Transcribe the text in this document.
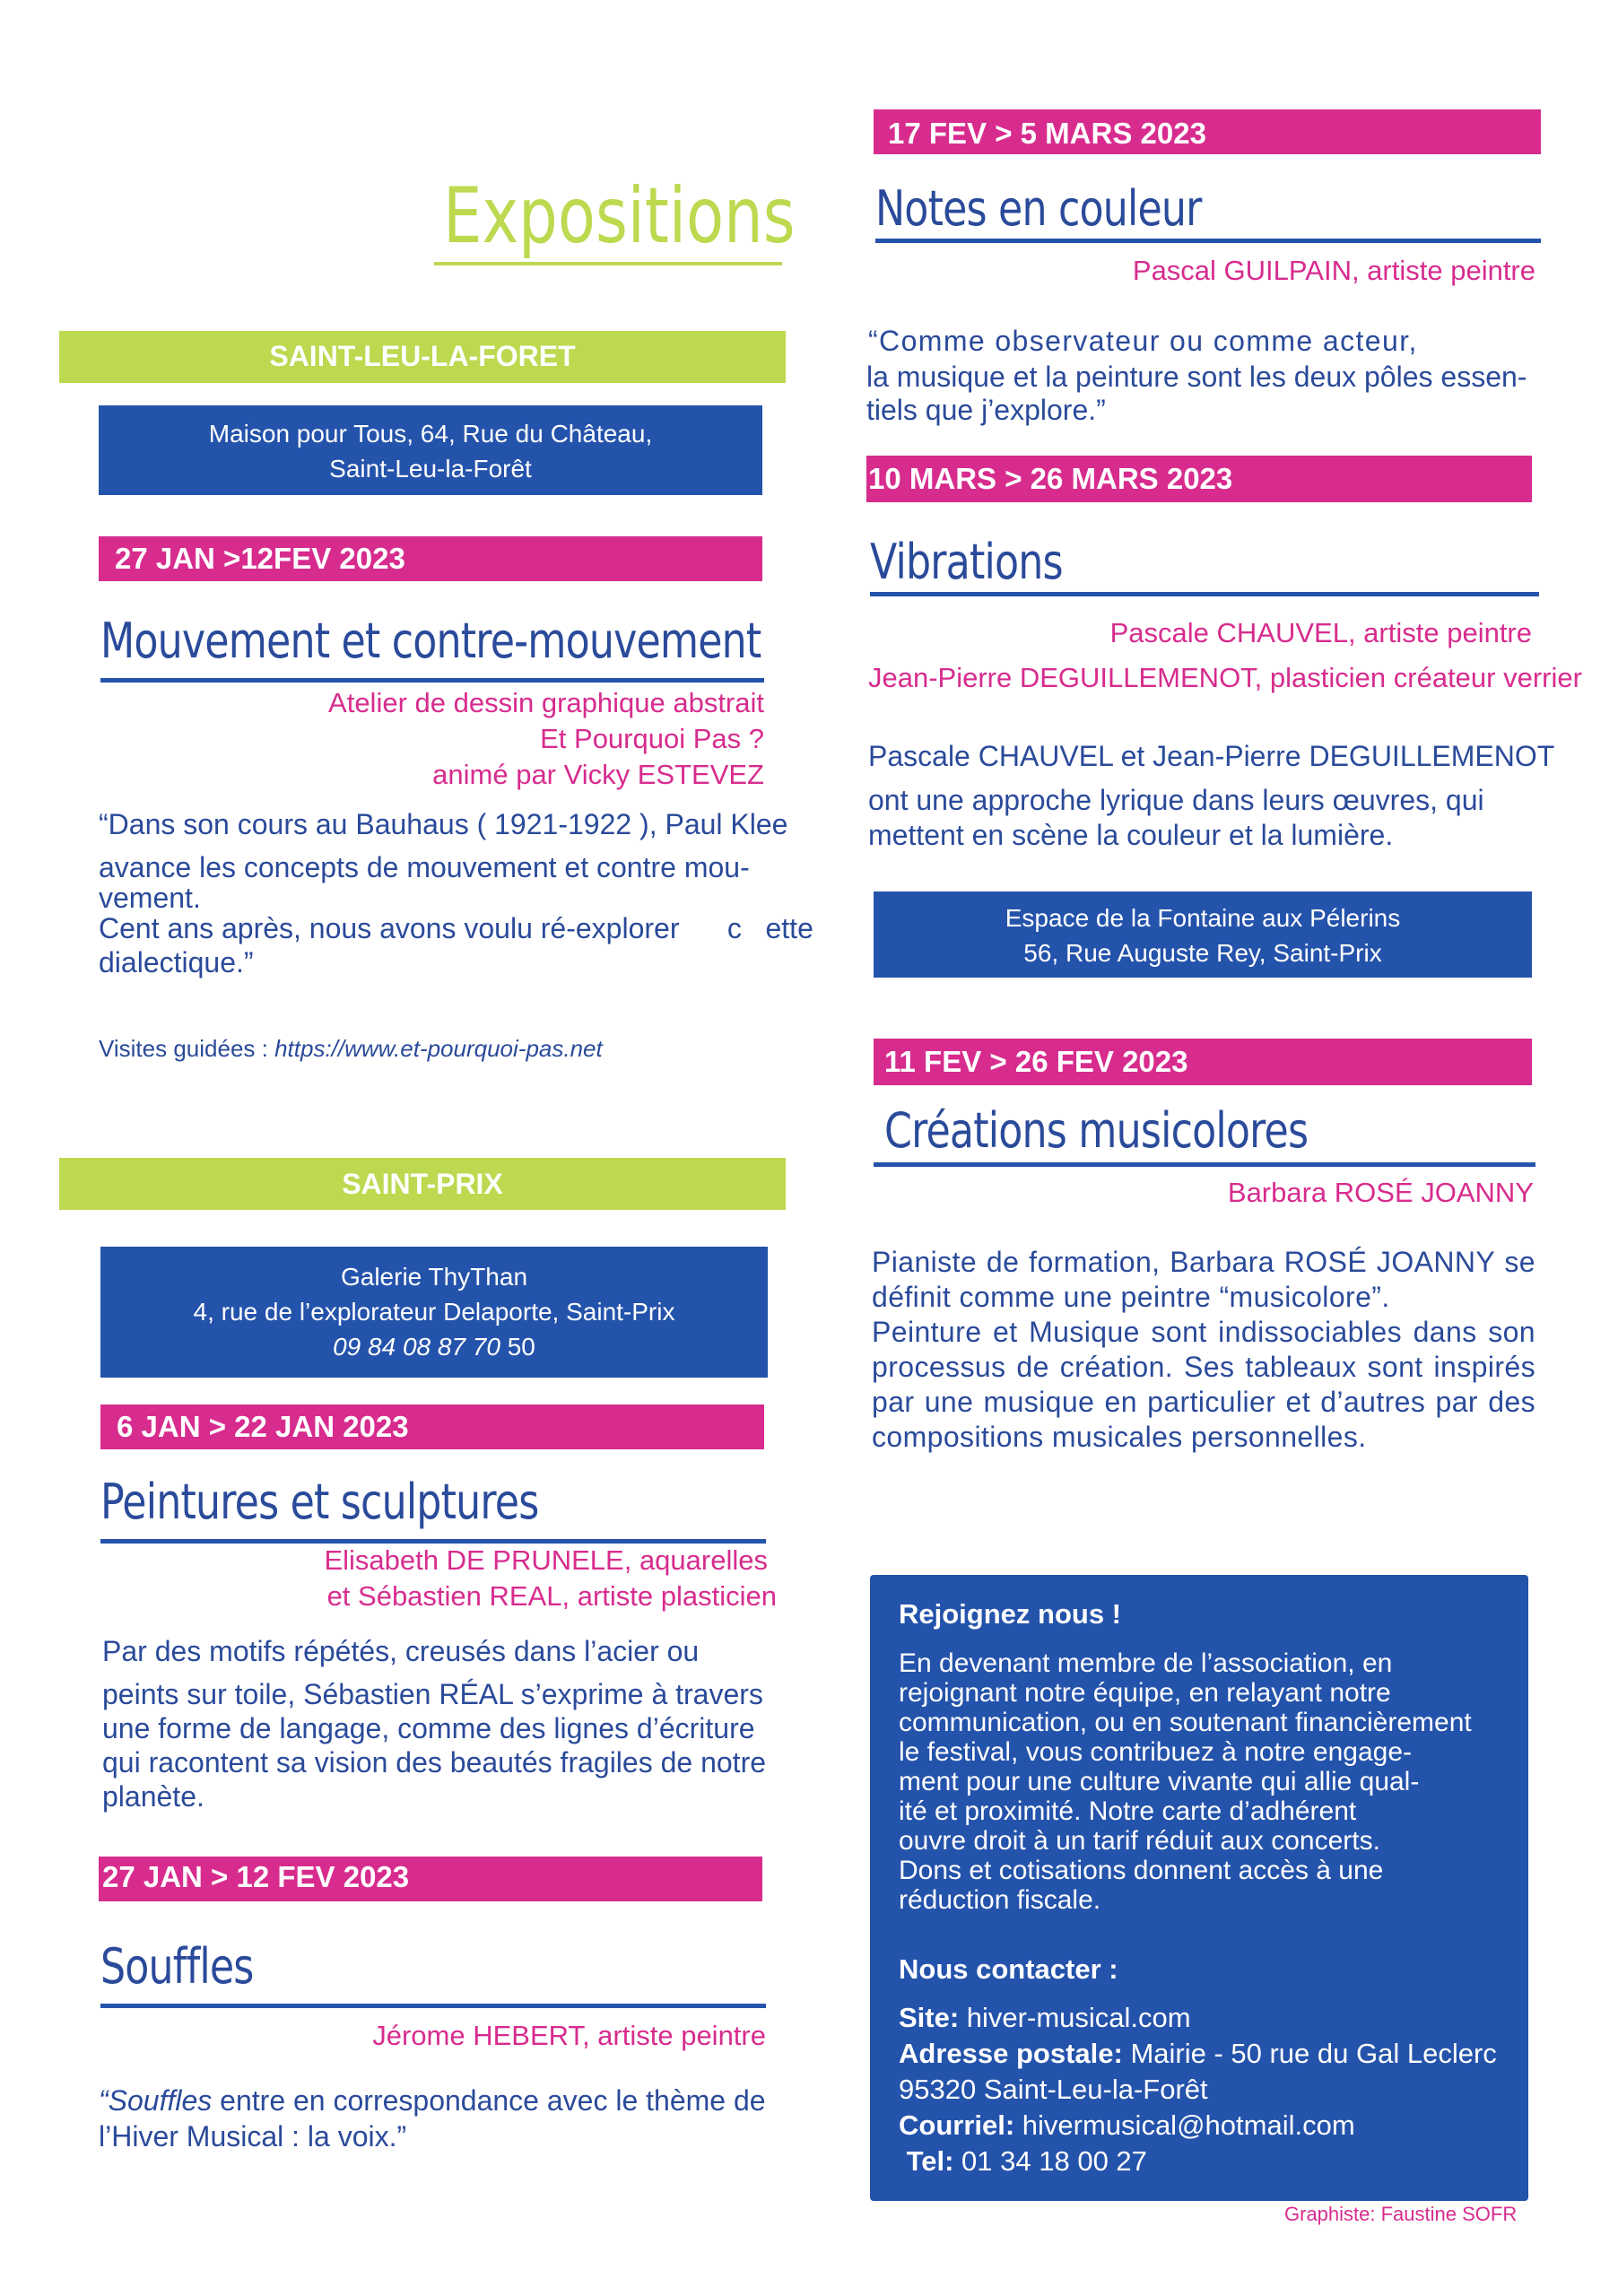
Expositions
SAINT-LEU-LA-FORET
Maison pour Tous, 64, Rue du Château,
Saint-Leu-la-Forêt
27 JAN >12FEV 2023
Mouvement et contre-mouvement
Atelier de dessin graphique abstrait
Et Pourquoi Pas ?
animé par Vicky ESTEVEZ
“Dans son cours au Bauhaus ( 1921-1922 ), Paul Klee
avance les concepts de mouvement et contre mou-
vement.
Cent ans après, nous avons voulu ré-explorer      c   ette
dialectique.”
Visites guidées : https://www.et-pourquoi-pas.net
SAINT-PRIX
Galerie ThyThan
4, rue de l’explorateur Delaporte, Saint-Prix
09 84 08 87 70 50
6 JAN > 22 JAN 2023
Peintures et sculptures
Elisabeth DE PRUNELE, aquarelles
et Sébastien REAL, artiste plasticien
Par des motifs répétés, creusés dans l’acier ou
peints sur toile, Sébastien RÉAL s’exprime à travers
une forme de langage, comme des lignes d’écriture
qui racontent sa vision des beautés fragiles de notre
planète.
27 JAN > 12 FEV 2023
Souffles
Jérome HEBERT, artiste peintre
“Souffles entre en correspondance avec le thème de
l’Hiver Musical : la voix.”
17 FEV > 5 MARS 2023
Notes en couleur
Pascal GUILPAIN, artiste peintre
“Comme observateur ou comme acteur,
la musique et la peinture sont les deux pôles essen-
tiels que j’explore.”
10 MARS > 26 MARS 2023
Vibrations
Pascale CHAUVEL, artiste peintre
Jean-Pierre DEGUILLEMENOT, plasticien créateur verrier
Pascale CHAUVEL et Jean-Pierre DEGUILLEMENOT
ont une approche lyrique dans leurs œuvres, qui
mettent en scène la couleur et la lumière.
Espace de la Fontaine aux Pélerins
56, Rue Auguste Rey, Saint-Prix
11 FEV > 26 FEV 2023
Créations musicolores
Barbara ROSÉ JOANNY
Pianiste de formation, Barbara ROSÉ JOANNY se
définit comme une peintre “musicolore”.
Peinture et Musique sont indissociables dans son
processus de création. Ses tableaux sont inspirés
par une musique en particulier et d’autres par des
compositions musicales personnelles.
Rejoignez nous !
En devenant membre de l’association, en
rejoignant notre équipe, en relayant notre
communication, ou en soutenant financièrement
le festival, vous contribuez à notre engage-
ment pour une culture vivante qui allie qual-
ité et proximité. Notre carte d’adhérent
ouvre droit à un tarif réduit aux concerts.
Dons et cotisations donnent accès à une
réduction fiscale.
Nous contacter :
Site: hiver-musical.com
Adresse postale: Mairie - 50 rue du Gal Leclerc
95320 Saint-Leu-la-Forêt
Courriel: hivermusical@hotmail.com
Tel: 01 34 18 00 27
Graphiste: Faustine SOFR
